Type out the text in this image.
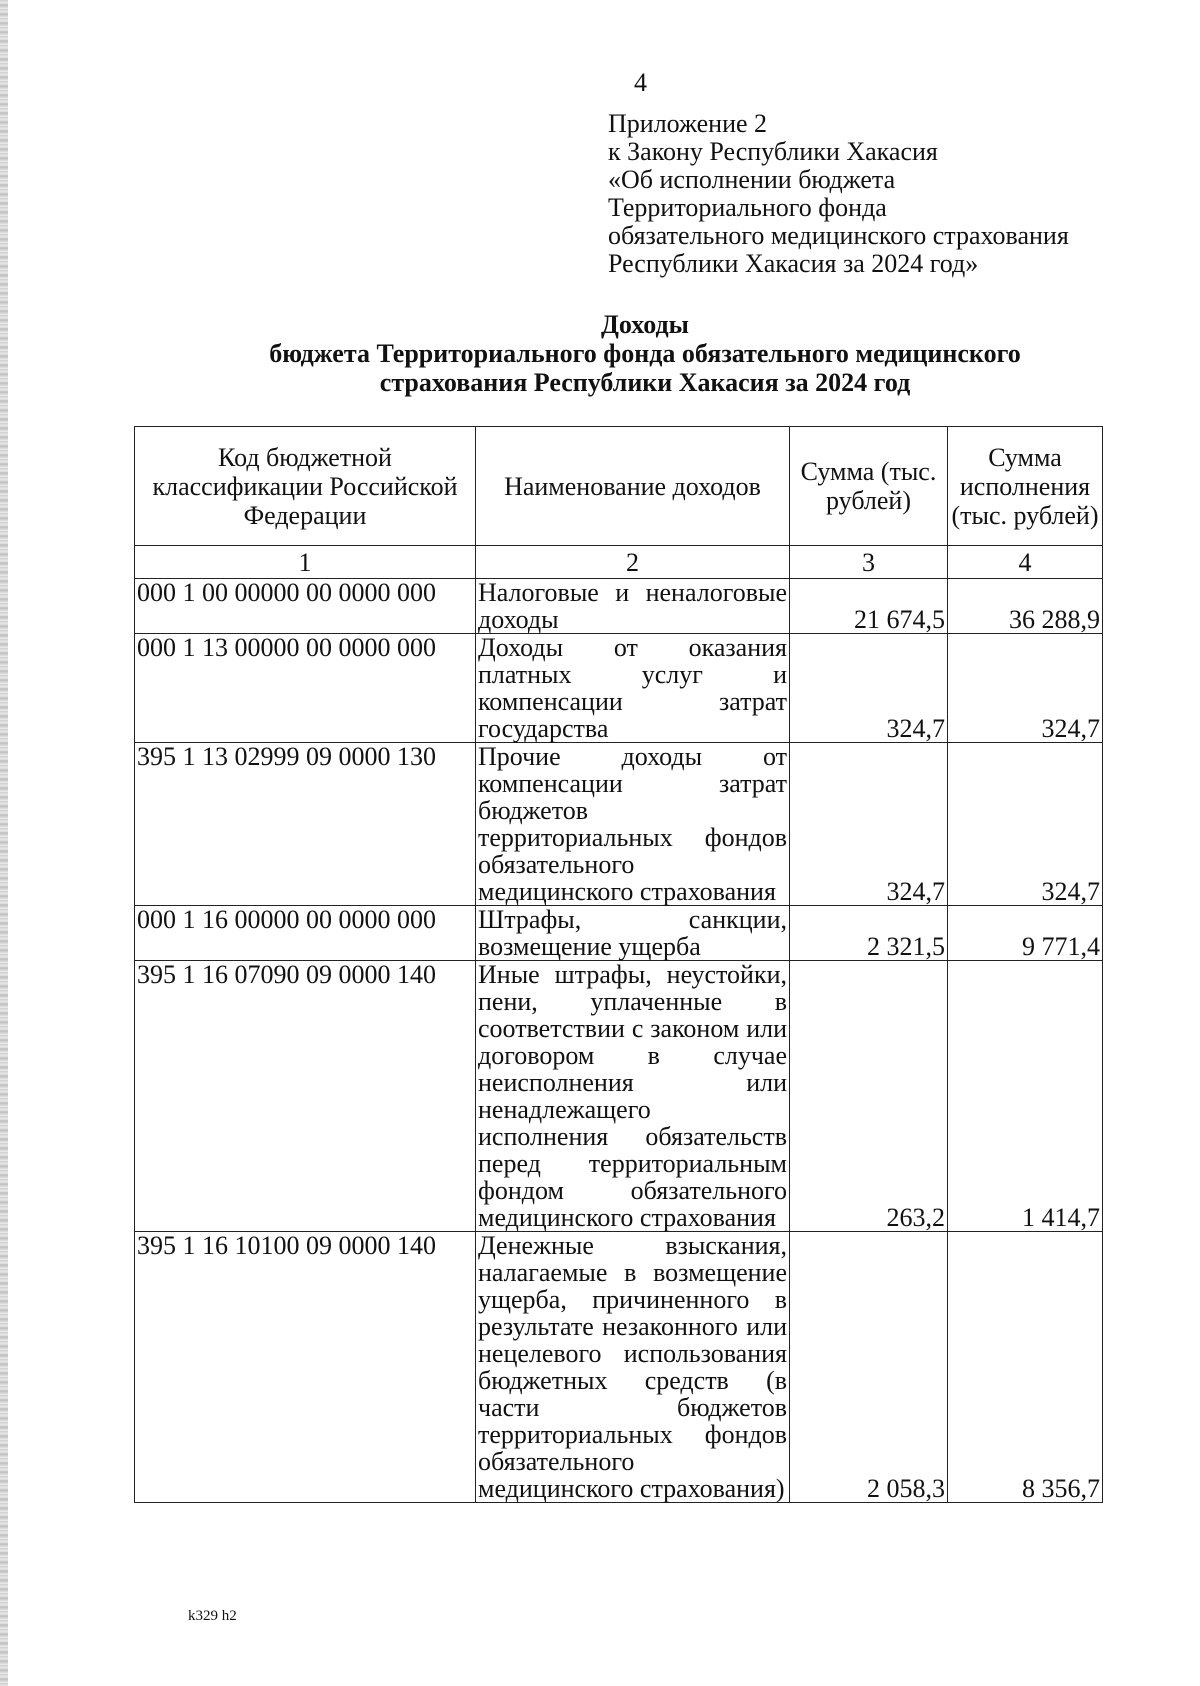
4
Приложение 2
к Закону Республики Хакасия
«Об исполнении бюджета
Территориального фонда
обязательного медицинского страхования
Республики Хакасия за 2024 год»
Доходы
бюджета Территориального фонда обязательного медицинского
страхования Республики Хакасия за 2024 год
Код бюджетной классификации Российской Федерации	Наименование доходов	Сумма (тыс. рублей)	Сумма исполнения (тыс. рублей)
1	2	3	4
000 1 00 00000 00 0000 000	Налоговые и неналоговые доходы	21 674,5	36 288,9
000 1 13 00000 00 0000 000	Доходы от оказания платных услуг и компенсации затрат государства	324,7	324,7
395 1 13 02999 09 0000 130	Прочие доходы от компенсации затрат бюджетов территориальных фондов обязательного медицинского страхования	324,7	324,7
000 1 16 00000 00 0000 000	Штрафы, санкции, возмещение ущерба	2 321,5	9 771,4
395 1 16 07090 09 0000 140	Иные штрафы, неустойки, пени, уплаченные в соответствии с законом или договором в случае неисполнения или ненадлежащего исполнения обязательств перед территориальным фондом обязательного медицинского страхования	263,2	1 414,7
395 1 16 10100 09 0000 140	Денежные взыскания, налагаемые в возмещение ущерба, причиненного в результате незаконного или нецелевого использования бюджетных средств (в части бюджетов территориальных фондов обязательного медицинского страхования)	2 058,3	8 356,7
k329 h2
